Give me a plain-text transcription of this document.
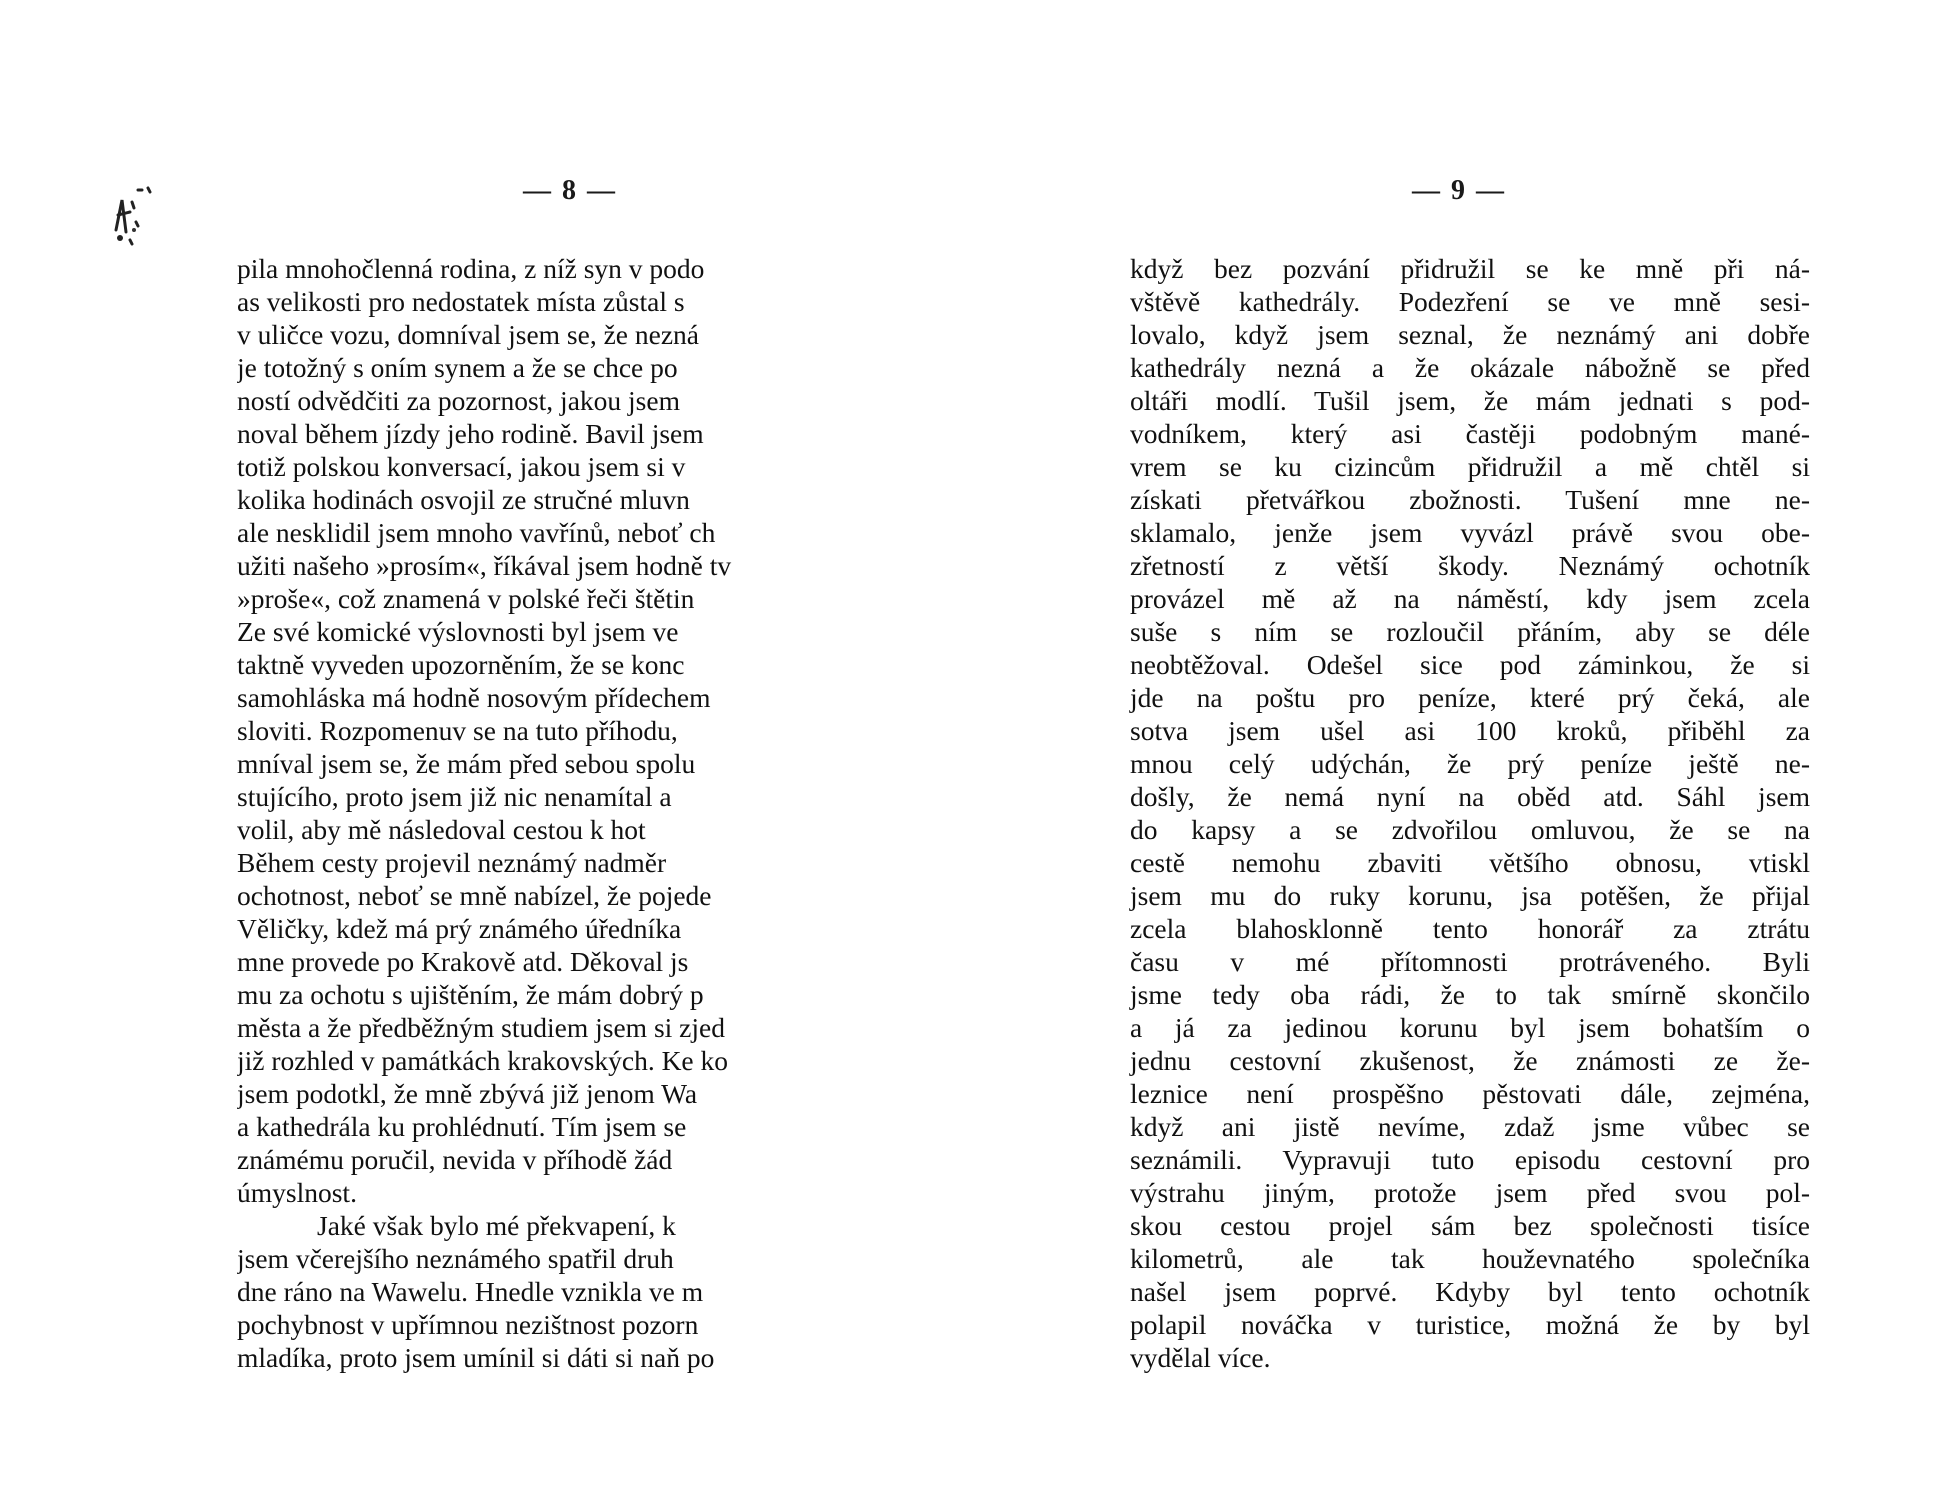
— 8 —
pila mnohočlenná rodina, z níž syn v podo
as velikosti pro nedostatek místa zůstal s
v uličce vozu, domníval jsem se, že nezná
je totožný s oním synem a že se chce po
ností odvědčiti za pozornost, jakou jsem
noval během jízdy jeho rodině. Bavil jsem
totiž polskou konversací, jakou jsem si v
kolika hodinách osvojil ze stručné mluvn
ale nesklidil jsem mnoho vavřínů, neboť ch
užiti našeho »prosím«, říkával jsem hodně tv
»proše«, což znamená v polské řeči štětin
Ze své komické výslovnosti byl jsem ve
taktně vyveden upozorněním, že se konc
samohláska má hodně nosovým přídechem
sloviti. Rozpomenuv se na tuto příhodu,
mníval jsem se, že mám před sebou spolu
stujícího, proto jsem již nic nenamítal a
volil, aby mě následoval cestou k hot
Během cesty projevil neznámý nadměr
ochotnost, neboť se mně nabízel, že pojede
Věličky, kdež má prý známého úředníka
mne provede po Krakově atd. Děkoval js
mu za ochotu s ujištěním, že mám dobrý p
města a že předběžným studiem jsem si zjed
již rozhled v památkách krakovských. Ke ko
jsem podotkl, že mně zbývá již jenom Wa
a kathedrála ku prohlédnutí. Tím jsem se
známému poručil, nevida v příhodě žád
úmyslnost.
Jaké však bylo mé překvapení, k
jsem včerejšího neznámého spatřil druh
dne ráno na Wawelu. Hnedle vznikla ve m
pochybnost v upřímnou nezištnost pozorn
mladíka, proto jsem umínil si dáti si naň po
— 9 —
když bez pozvání přidružil se ke mně při ná-
vštěvě kathedrály. Podezření se ve mně sesi-
lovalo, když jsem seznal, že neznámý ani dobře
kathedrály nezná a že okázale nábožně se před
oltáři modlí. Tušil jsem, že mám jednati s pod-
vodníkem, který asi častěji podobným mané-
vrem se ku cizincům přidružil a mě chtěl si
získati přetvářkou zbožnosti. Tušení mne ne-
sklamalo, jenže jsem vyvázl právě svou obe-
zřetností z větší škody. Neznámý ochotník
provázel mě až na náměstí, kdy jsem zcela
suše s ním se rozloučil přáním, aby se déle
neobtěžoval. Odešel sice pod záminkou, že si
jde na poštu pro peníze, které prý čeká, ale
sotva jsem ušel asi 100 kroků, přiběhl za
mnou celý udýchán, že prý peníze ještě ne-
došly, že nemá nyní na oběd atd. Sáhl jsem
do kapsy a se zdvořilou omluvou, že se na
cestě nemohu zbaviti většího obnosu, vtiskl
jsem mu do ruky korunu, jsa potěšen, že přijal
zcela blahosklonně tento honorář za ztrátu
času v mé přítomnosti protráveného. Byli
jsme tedy oba rádi, že to tak smírně skončilo
a já za jedinou korunu byl jsem bohatším o
jednu cestovní zkušenost, že známosti ze že-
leznice není prospěšno pěstovati dále, zejména,
když ani jistě nevíme, zdaž jsme vůbec se
seznámili. Vypravuji tuto episodu cestovní pro
výstrahu jiným, protože jsem před svou pol-
skou cestou projel sám bez společnosti tisíce
kilometrů, ale tak houževnatého společníka
našel jsem poprvé. Kdyby byl tento ochotník
polapil nováčka v turistice, možná že by byl
vydělal více.
